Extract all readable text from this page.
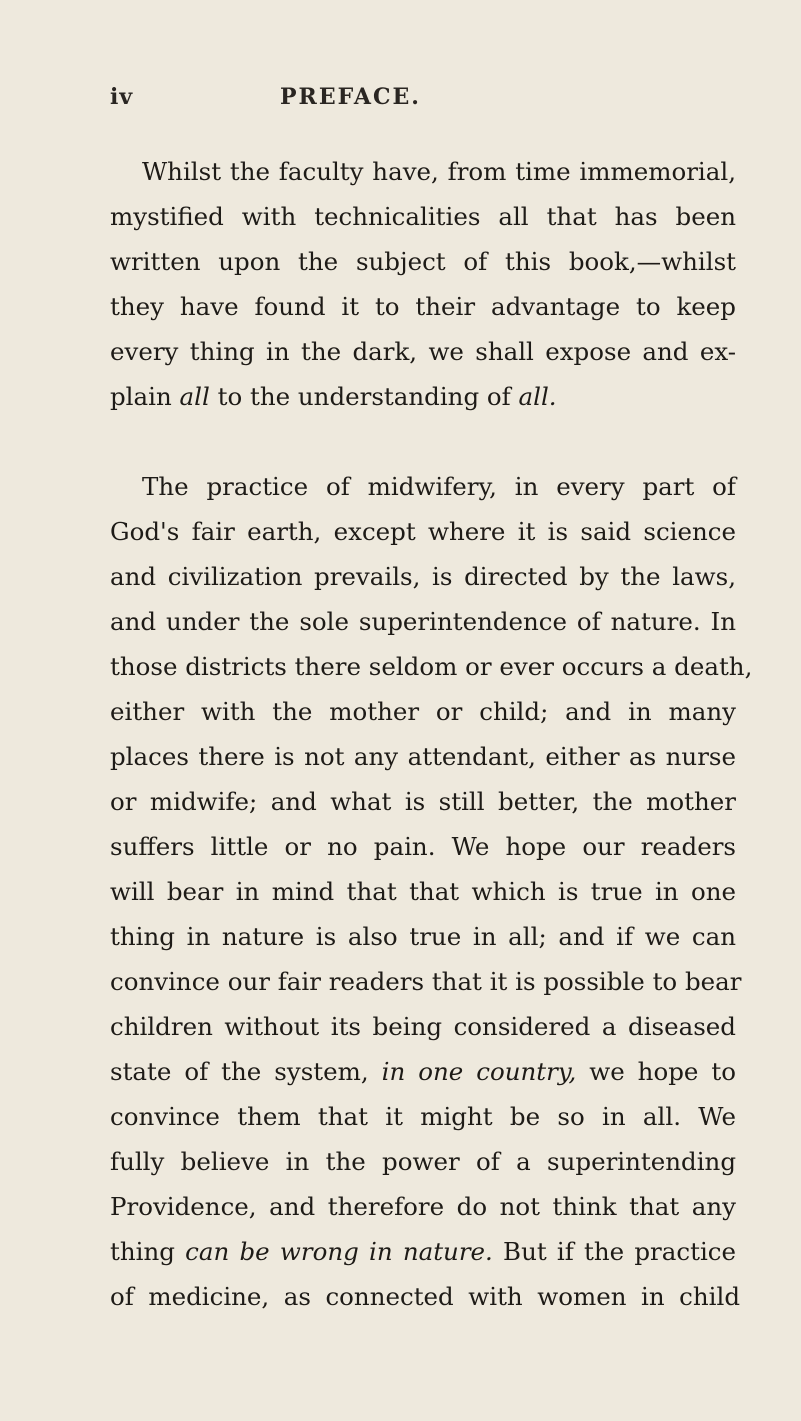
iv	PREFACE.
Whilst the faculty have, from time immemorial,
mystified with technicalities all that has been
written upon the subject of this book,—whilst
they have found it to their advantage to keep
every thing in the dark, we shall expose and ex-
plain all to the understanding of all.
The practice of midwifery, in every part of
God's fair earth, except where it is said science
and civilization prevails, is directed by the laws,
and under the sole superintendence of nature. In
those districts there seldom or ever occurs a death,
either with the mother or child; and in many
places there is not any attendant, either as nurse
or midwife; and what is still better, the mother
suffers little or no pain. We hope our readers
will bear in mind that that which is true in one
thing in nature is also true in all; and if we can
convince our fair readers that it is possible to bear
children without its being considered a diseased
state of the system, in one country, we hope to
convince them that it might be so in all. We
fully believe in the power of a superintending
Providence, and therefore do not think that any
thing can be wrong in nature. But if the practice
of medicine, as connected with women in child
